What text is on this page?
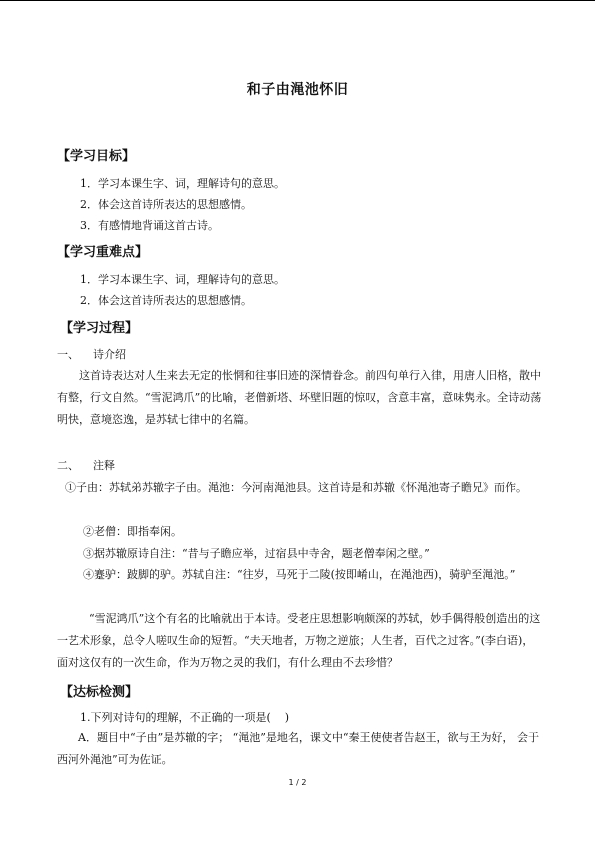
和子由渑池怀旧
【学习目标】
1．学习本课生字、词，理解诗句的意思。
2．体会这首诗所表达的思想感情。
3．有感情地背诵这首古诗。
【学习重难点】
1．学习本课生字、词，理解诗句的意思。
2．体会这首诗所表达的思想感情。
【学习过程】
一、    诗介绍
这首诗表达对人生来去无定的怅惘和往事旧迹的深情眷念。前四句单行入律，用唐人旧格，散中有整，行文自然。“雪泥鸿爪”的比喻，老僧新塔、坏壁旧题的惊叹，含意丰富，意味隽永。全诗动荡明快，意境恣逸，是苏轼七律中的名篇。
二、    注释
①子由：苏轼弟苏辙字子由。渑池：今河南渑池县。这首诗是和苏辙《怀渑池寄子瞻兄》而作。
②老僧：即指奉闲。
③据苏辙原诗自注：“昔与子瞻应举，过宿县中寺舍，题老僧奉闲之壁。”
④蹇驴：跛脚的驴。苏轼自注：“往岁，马死于二陵(按即崤山，在渑池西)，骑驴至渑池。”
“雪泥鸿爪”这个有名的比喻就出于本诗。受老庄思想影响颇深的苏轼，妙手偶得般创造出的这一艺术形象，总令人嗟叹生命的短暂。“夫天地者，万物之逆旅；人生者，百代之过客。”(李白语)，面对这仅有的一次生命，作为万物之灵的我们，有什么理由不去珍惜？
【达标检测】
1.下列对诗句的理解，不正确的一项是(    )
A．题目中“子由”是苏辙的字； “渑池”是地名，课文中“秦王使使者告赵王，欲与王为好， 会于西河外渑池”可为佐证。
1 / 2
